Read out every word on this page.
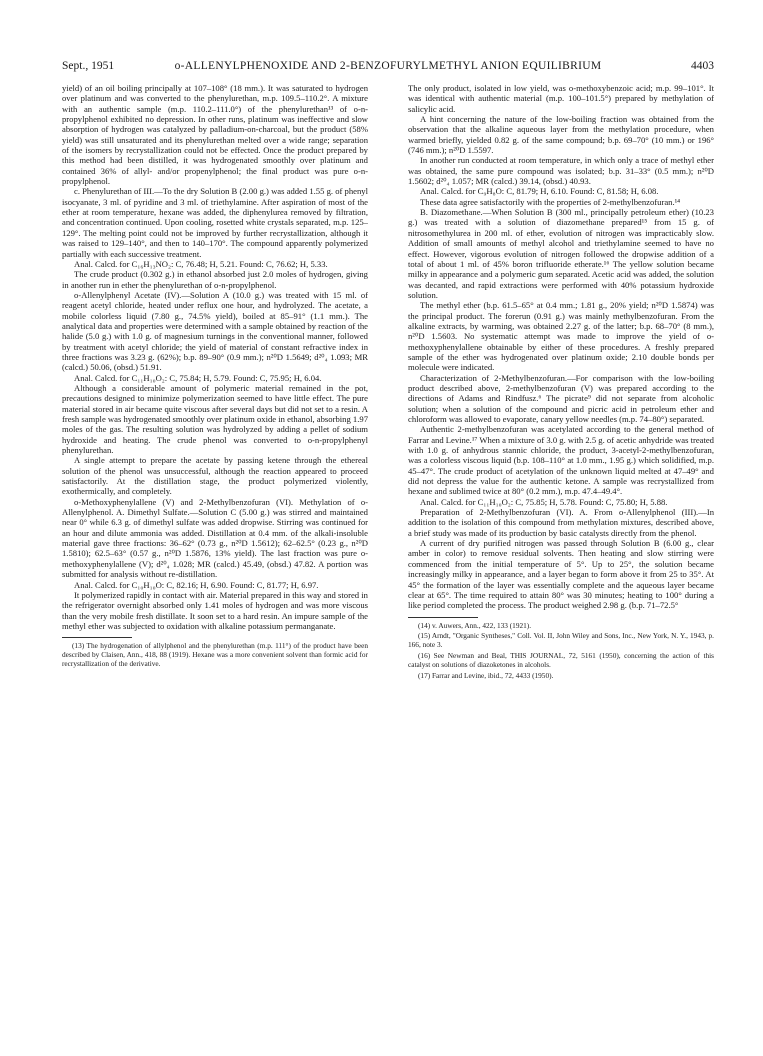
Sept., 1951	o-ALLENYLPHENOXIDE AND 2-BENZOFURYLMETHYL ANION EQUILIBRIUM	4403

yield) of an oil boiling principally at 107–108° (18 mm.). It was saturated to hydrogen over platinum and was converted to the phenylurethan, m.p. 109.5–110.2°. A mixture with an authentic sample (m.p. 110.2–111.0°) of the phenylurethan¹³ of o-n-propylphenol exhibited no depression. In other runs, platinum was ineffective and slow absorption of hydrogen was catalyzed by palladium-on-charcoal, but the product (58% yield) was still unsaturated and its phenylurethan melted over a wide range; separation of the isomers by recrystallization could not be effected. Once the product prepared by this method had been distilled, it was hydrogenated smoothly over platinum and contained 36% of allyl- and/or propenylphenol; the final product was pure o-n-propylphenol.

c. Phenylurethan of III.—To the dry Solution B (2.00 g.) was added 1.55 g. of phenyl isocyanate, 3 ml. of pyridine and 3 ml. of triethylamine. After aspiration of most of the ether at room temperature, hexane was added, the diphenylurea removed by filtration, and concentration continued. Upon cooling, rosetted white crystals separated, m.p. 125–129°. The melting point could not be improved by further recrystallization, although it was raised to 129–140°, and then to 140–170°. The compound apparently polymerized partially with each successive treatment.

Anal. Calcd. for C₁₆H₁₃NO₂: C, 76.48; H, 5.21. Found: C, 76.62; H, 5.33.

The crude product (0.302 g.) in ethanol absorbed just 2.0 moles of hydrogen, giving in another run in ether the phenylurethan of o-n-propylphenol.

o-Allenylphenyl Acetate (IV).—Solution A (10.0 g.) was treated with 15 ml. of reagent acetyl chloride, heated under reflux one hour, and hydrolyzed. The acetate, a mobile colorless liquid (7.80 g., 74.5% yield), boiled at 85–91° (1.1 mm.). The analytical data and properties were determined with a sample obtained by reaction of the halide (5.0 g.) with 1.0 g. of magnesium turnings in the conventional manner, followed by treatment with acetyl chloride; the yield of material of constant refractive index in three fractions was 3.23 g. (62%); b.p. 89–90° (0.9 mm.); n²⁰D 1.5649; d²⁰₄ 1.093; MR (calcd.) 50.06, (obsd.) 51.91.

Anal. Calcd. for C₁₁H₁₀O₂: C, 75.84; H, 5.79. Found: C, 75.95; H, 6.04.

Although a considerable amount of polymeric material remained in the pot, precautions designed to minimize polymerization seemed to have little effect. The pure material stored in air became quite viscous after several days but did not set to a resin. A fresh sample was hydrogenated smoothly over platinum oxide in ethanol, absorbing 1.97 moles of the gas. The resulting solution was hydrolyzed by adding a pellet of sodium hydroxide and heating. The crude phenol was converted to o-n-propylphenyl phenylurethan.

A single attempt to prepare the acetate by passing ketene through the ethereal solution of the phenol was unsuccessful, although the reaction appeared to proceed satisfactorily. At the distillation stage, the product polymerized violently, exothermically, and completely.

o-Methoxyphenylallene (V) and 2-Methylbenzofuran (VI). Methylation of o-Allenylphenol. A. Dimethyl Sulfate.—Solution C (5.00 g.) was stirred and maintained near 0° while 6.3 g. of dimethyl sulfate was added dropwise. Stirring was continued for an hour and dilute ammonia was added. Distillation at 0.4 mm. of the alkali-insoluble material gave three fractions: 36–62° (0.73 g., n²⁰D 1.5612); 62–62.5° (0.23 g., n²⁰D 1.5810); 62.5–63° (0.57 g., n²⁰D 1.5876, 13% yield). The last fraction was pure o-methoxyphenylallene (V); d²⁰₄ 1.028; MR (calcd.) 45.49, (obsd.) 47.82. A portion was submitted for analysis without re-distillation.

Anal. Calcd. for C₁₀H₁₀O: C, 82.16; H, 6.90. Found: C, 81.77; H, 6.97.

It polymerized rapidly in contact with air. Material prepared in this way and stored in the refrigerator overnight absorbed only 1.41 moles of hydrogen and was more viscous than the very mobile fresh distillate. It soon set to a hard resin. An impure sample of the methyl ether was subjected to oxidation with alkaline potassium permanganate.

(13) The hydrogenation of allylphenol and the phenylurethan (m.p. 111°) of the product have been described by Claisen, Ann., 418, 88 (1919). Hexane was a more convenient solvent than formic acid for recrystallization of the derivative.

The only product, isolated in low yield, was o-methoxybenzoic acid; m.p. 99–101°. It was identical with authentic material (m.p. 100–101.5°) prepared by methylation of salicylic acid.

A hint concerning the nature of the low-boiling fraction was obtained from the observation that the alkaline aqueous layer from the methylation procedure, when warmed briefly, yielded 0.82 g. of the same compound; b.p. 69–70° (10 mm.) or 196° (746 mm.); n²⁰D 1.5597.

In another run conducted at room temperature, in which only a trace of methyl ether was obtained, the same pure compound was isolated; b.p. 31–33° (0.5 mm.); n²⁰D 1.5602; d²⁰₄ 1.057; MR (calcd.) 39.14, (obsd.) 40.93.

Anal. Calcd. for C₉H₈O: C, 81.79; H, 6.10. Found: C, 81.58; H, 6.08.

These data agree satisfactorily with the properties of 2-methylbenzofuran.¹⁴

B. Diazomethane.—When Solution B (300 ml., principally petroleum ether) (10.23 g.) was treated with a solution of diazomethane prepared¹⁵ from 15 g. of nitrosomethylurea in 200 ml. of ether, evolution of nitrogen was impracticably slow. Addition of small amounts of methyl alcohol and triethylamine seemed to have no effect. However, vigorous evolution of nitrogen followed the dropwise addition of a total of about 1 ml. of 45% boron trifluoride etherate.¹⁶ The yellow solution became milky in appearance and a polymeric gum separated. Acetic acid was added, the solution was decanted, and rapid extractions were performed with 40% potassium hydroxide solution.

The methyl ether (b.p. 61.5–65° at 0.4 mm.; 1.81 g., 20% yield; n²⁰D 1.5874) was the principal product. The forerun (0.91 g.) was mainly methylbenzofuran. From the alkaline extracts, by warming, was obtained 2.27 g. of the latter; b.p. 68–70° (8 mm.), n²⁰D 1.5603. No systematic attempt was made to improve the yield of o-methoxyphenylallene obtainable by either of these procedures. A freshly prepared sample of the ether was hydrogenated over platinum oxide; 2.10 double bonds per molecule were indicated.

Characterization of 2-Methylbenzofuran.—For comparison with the low-boiling product described above, 2-methylbenzofuran (V) was prepared according to the directions of Adams and Rindfusz.⁶ The picrate⁹ did not separate from alcoholic solution; when a solution of the compound and picric acid in petroleum ether and chloroform was allowed to evaporate, canary yellow needles (m.p. 74–80°) separated.

Authentic 2-methylbenzofuran was acetylated according to the general method of Farrar and Levine.¹⁷ When a mixture of 3.0 g. with 2.5 g. of acetic anhydride was treated with 1.0 g. of anhydrous stannic chloride, the product, 3-acetyl-2-methylbenzofuran, was a colorless viscous liquid (b.p. 108–110° at 1.0 mm., 1.95 g.) which solidified, m.p. 45–47°. The crude product of acetylation of the unknown liquid melted at 47–49° and did not depress the value for the authentic ketone. A sample was recrystallized from hexane and sublimed twice at 80° (0.2 mm.), m.p. 47.4–49.4°.

Anal. Calcd. for C₁₁H₁₀O₂: C, 75.85; H, 5.78. Found: C, 75.80; H, 5.88.

Preparation of 2-Methylbenzofuran (VI). A. From o-Allenylphenol (III).—In addition to the isolation of this compound from methylation mixtures, described above, a brief study was made of its production by basic catalysts directly from the phenol.

A current of dry purified nitrogen was passed through Solution B (6.00 g., clear amber in color) to remove residual solvents. Then heating and slow stirring were commenced from the initial temperature of 5°. Up to 25°, the solution became increasingly milky in appearance, and a layer began to form above it from 25 to 35°. At 45° the formation of the layer was essentially complete and the aqueous layer became clear at 65°. The time required to attain 80° was 30 minutes; heating to 100° during a like period completed the process. The product weighed 2.98 g. (b.p. 71–72.5°

(14) v. Auwers, Ann., 422, 133 (1921).

(15) Arndt, "Organic Syntheses," Coll. Vol. II, John Wiley and Sons, Inc., New York, N. Y., 1943, p. 166, note 3.

(16) See Newman and Beal, THIS JOURNAL, 72, 5161 (1950), concerning the action of this catalyst on solutions of diazoketones in alcohols.

(17) Farrar and Levine, ibid., 72, 4433 (1950).
